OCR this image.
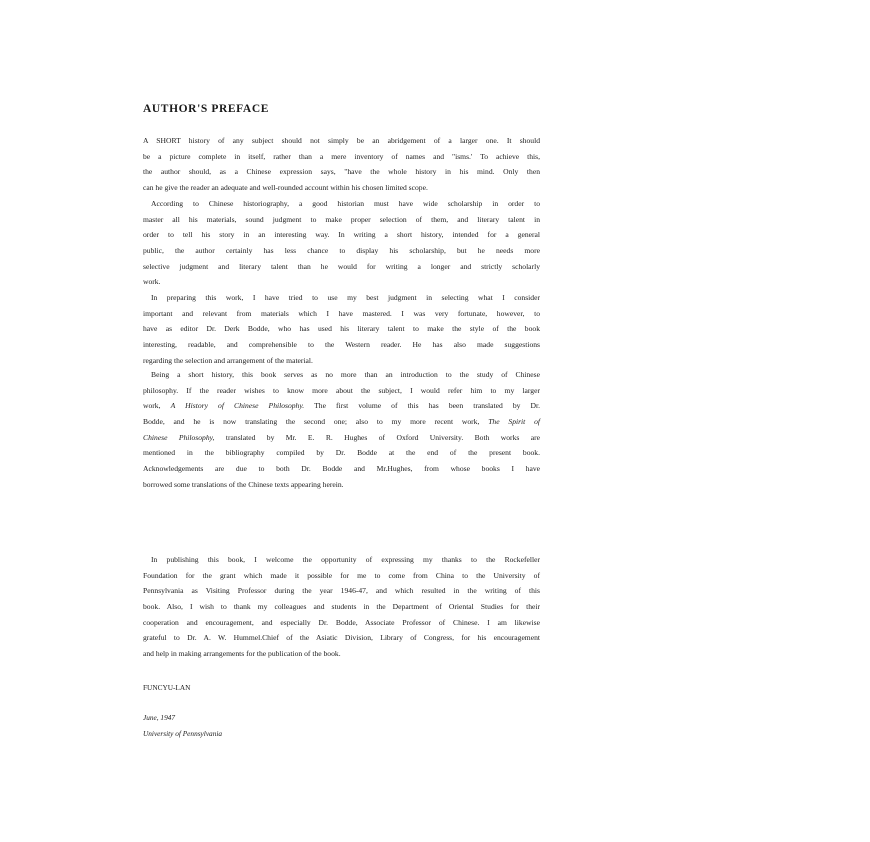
AUTHOR'S PREFACE
A SHORT history of any subject should not simply be an abridgement of a larger one. It should
be a picture complete in itself, rather than a mere inventory of names and "isms.' To achieve this,
the author should, as a Chinese expression says, "have the whole history in his mind. Only then
can he give the reader an adequate and well-rounded account within his chosen limited scope.
According to Chinese historiography, a good historian must have wide scholarship in order to
master all his materials, sound judgment to make proper selection of them, and literary talent in
order to tell his story in an interesting way. In writing a short history, intended for a general
public, the author certainly has less chance to display his scholarship, but he needs more
selective judgment and literary talent than he would for writing a longer and strictly scholarly
work.
In preparing this work, I have tried to use my best judgment in selecting what I consider
important and relevant from materials which I have mastered. I was very fortunate, however, to
have as editor Dr. Derk Bodde, who has used his literary talent to make the style of the book
interesting, readable, and comprehensible to the Western reader. He has also made suggestions
regarding the selection and arrangement of the material.
Being a short history, this book serves as no more than an introduction to the study of Chinese
philosophy. If the reader wishes to know more about the subject, I would refer him to my larger
work, A History of Chinese Philosophy. The first volume of this has been translated by Dr.
Bodde, and he is now translating the second one; also to my more recent work, The Spirit of
Chinese Philosophy, translated by Mr. E. R. Hughes of Oxford University. Both works are
mentioned in the bibliography compiled by Dr. Bodde at the end of the present book.
Acknowledgements are due to both Dr. Bodde and Mr.Hughes, from whose books I have
borrowed some translations of the Chinese texts appearing herein.
In publishing this book, I welcome the opportunity of expressing my thanks to the Rockefeller
Foundation for the grant which made it possible for me to come from China to the University of
Pennsylvania as Visiting Professor during the year 1946-47, and which resulted in the writing of this
book. Also, I wish to thank my colleagues and students in the Department of Oriental Studies for their
cooperation and encouragement, and especially Dr. Bodde, Associate Professor of Chinese. I am likewise
grateful to Dr. A. W. Hummel.Chief of the Asiatic Division, Library of Congress, for his encouragement
and help in making arrangements for the publication of the book.
FUNCYU-LAN
June, 1947
University of Pennsylvania
